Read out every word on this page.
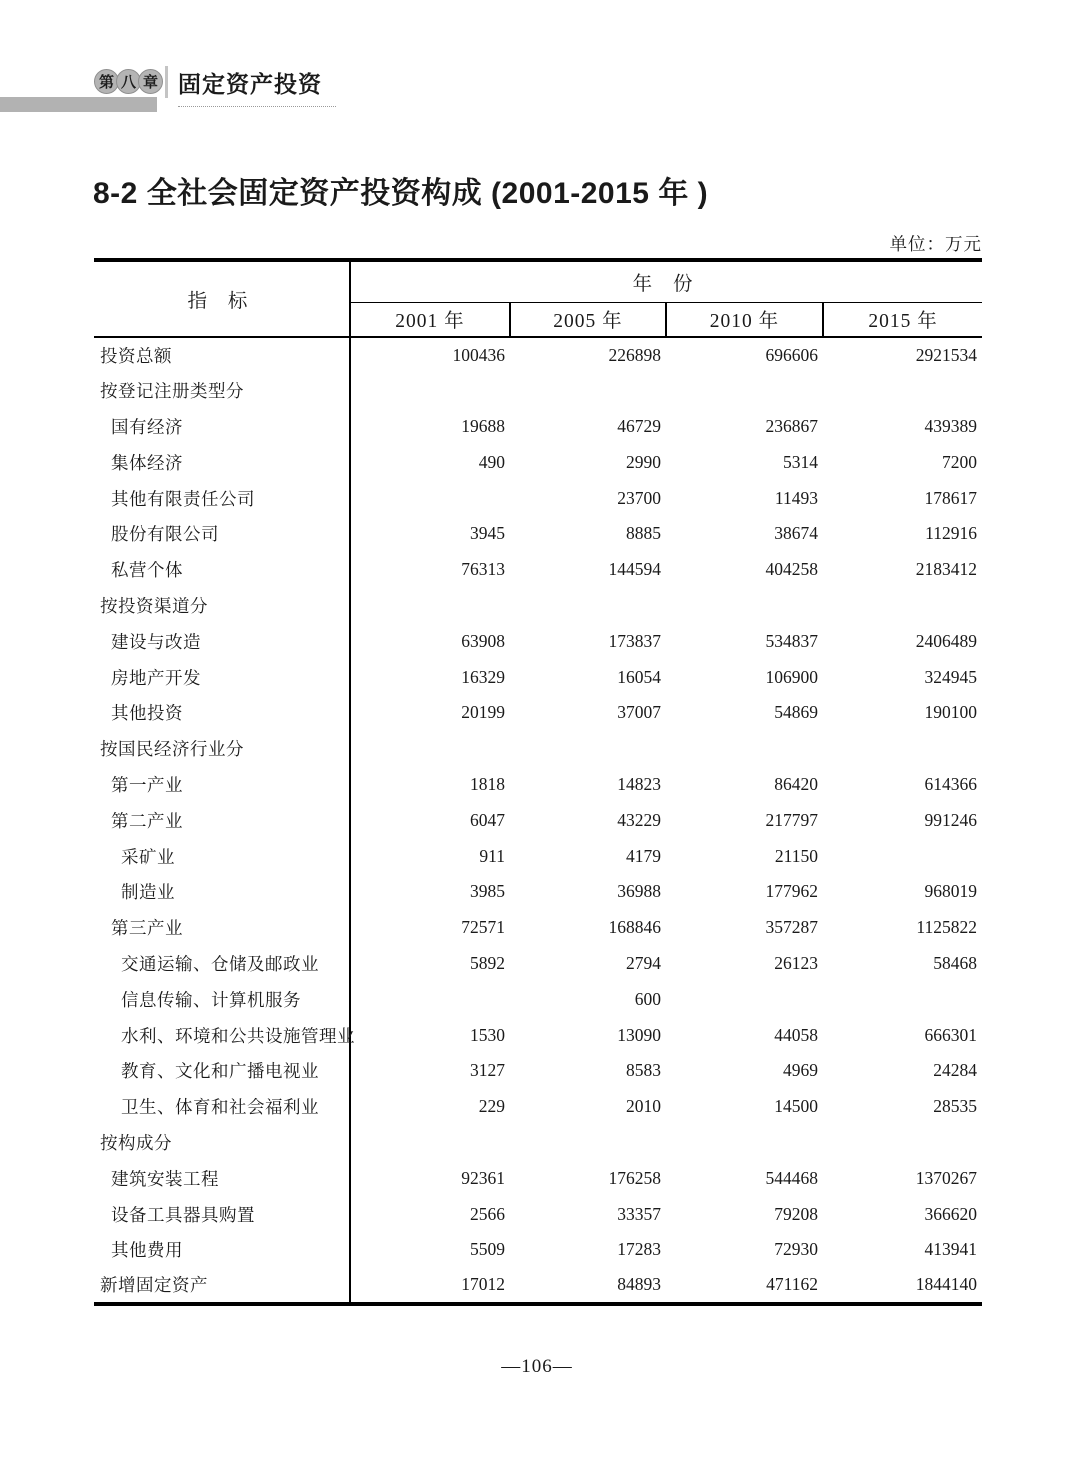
第 八 章 固定资产投资
8-2 全社会固定资产投资构成 (2001-2015 年 )
单位：万元
指 标	年 份			
	2001 年	2005 年	2010 年	2015 年
投资总额	100436	226898	696606	2921534
按登记注册类型分				
国有经济	19688	46729	236867	439389
集体经济	490	2990	5314	7200
其他有限责任公司		23700	11493	178617
股份有限公司	3945	8885	38674	112916
私营个体	76313	144594	404258	2183412
按投资渠道分				
建设与改造	63908	173837	534837	2406489
房地产开发	16329	16054	106900	324945
其他投资	20199	37007	54869	190100
按国民经济行业分				
第一产业	1818	14823	86420	614366
第二产业	6047	43229	217797	991246
采矿业	911	4179	21150	
制造业	3985	36988	177962	968019
第三产业	72571	168846	357287	1125822
交通运输、仓储及邮政业	5892	2794	26123	58468
信息传输、计算机服务		600		
水利、环境和公共设施管理业	1530	13090	44058	666301
教育、文化和广播电视业	3127	8583	4969	24284
卫生、体育和社会福利业	229	2010	14500	28535
按构成分				
建筑安装工程	92361	176258	544468	1370267
设备工具器具购置	2566	33357	79208	366620
其他费用	5509	17283	72930	413941
新增固定资产	17012	84893	471162	1844140
—106—
